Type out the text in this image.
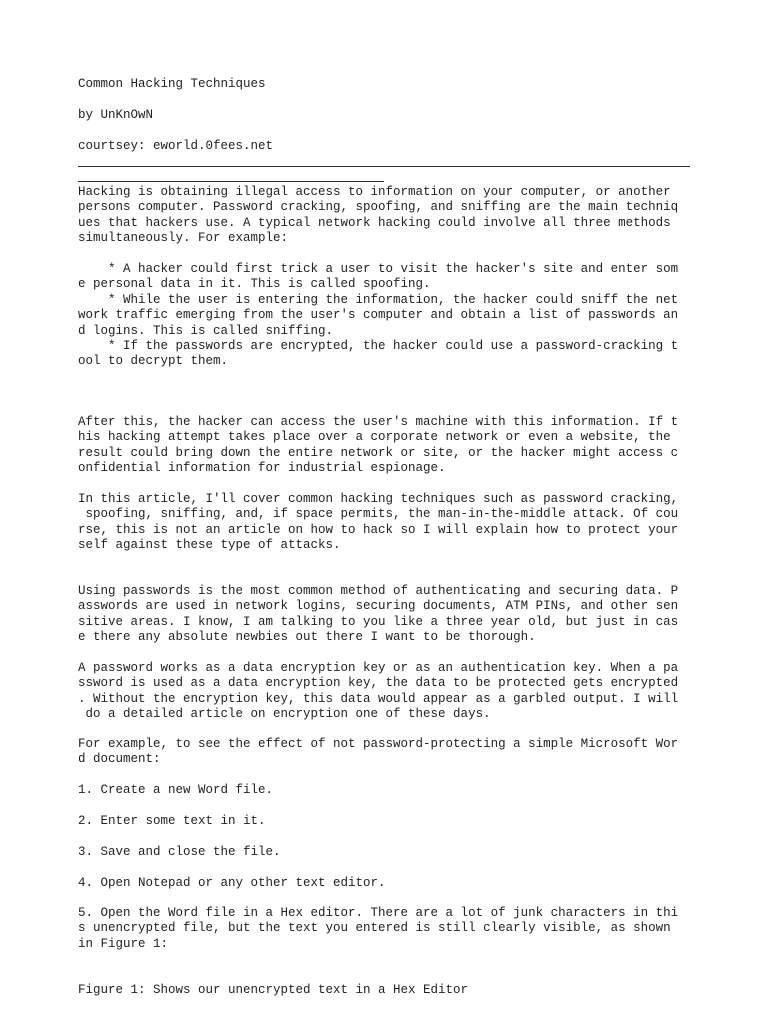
Common Hacking Techniques
by UnKnOwN
courtsey: eworld.0fees.net
Hacking is obtaining illegal access to information on your computer, or another
persons computer. Password cracking, spoofing, and sniffing are the main techniq
ues that hackers use. A typical network hacking could involve all three methods
simultaneously. For example:
* A hacker could first trick a user to visit the hacker's site and enter som
e personal data in it. This is called spoofing.
* While the user is entering the information, the hacker could sniff the net
work traffic emerging from the user's computer and obtain a list of passwords an
d logins. This is called sniffing.
* If the passwords are encrypted, the hacker could use a password-cracking t
ool to decrypt them.
After this, the hacker can access the user's machine with this information. If t
his hacking attempt takes place over a corporate network or even a website, the
result could bring down the entire network or site, or the hacker might access c
onfidential information for industrial espionage.
In this article, I'll cover common hacking techniques such as password cracking,
spoofing, sniffing, and, if space permits, the man-in-the-middle attack. Of cou
rse, this is not an article on how to hack so I will explain how to protect your
self against these type of attacks.
Using passwords is the most common method of authenticating and securing data. P
asswords are used in network logins, securing documents, ATM PINs, and other sen
sitive areas. I know, I am talking to you like a three year old, but just in cas
e there any absolute newbies out there I want to be thorough.
A password works as a data encryption key or as an authentication key. When a pa
ssword is used as a data encryption key, the data to be protected gets encrypted
. Without the encryption key, this data would appear as a garbled output. I will
do a detailed article on encryption one of these days.
For example, to see the effect of not password-protecting a simple Microsoft Wor
d document:
1. Create a new Word file.
2. Enter some text in it.
3. Save and close the file.
4. Open Notepad or any other text editor.
5. Open the Word file in a Hex editor. There are a lot of junk characters in thi
s unencrypted file, but the text you entered is still clearly visible, as shown
in Figure 1:
Figure 1: Shows our unencrypted text in a Hex Editor
